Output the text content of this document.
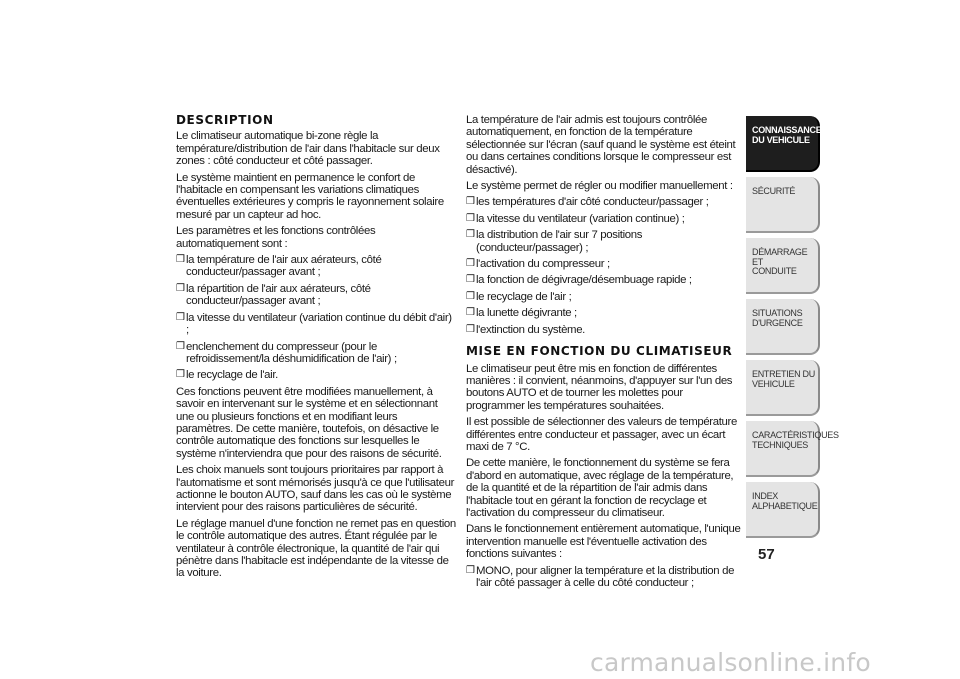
DESCRIPTION

Le climatiseur automatique bi-zone règle la température/distribution de l'air dans l'habitacle sur deux zones : côté conducteur et côté passager.

Le système maintient en permanence le confort de l'habitacle en compensant les variations climatiques éventuelles extérieures y compris le rayonnement solaire mesuré par un capteur ad hoc.

Les paramètres et les fonctions contrôlées automatiquement sont :

❒ la température de l'air aux aérateurs, côté conducteur/passager avant ;
❒ la répartition de l'air aux aérateurs, côté conducteur/passager avant ;
❒ la vitesse du ventilateur (variation continue du débit d'air) ;
❒ enclenchement du compresseur (pour le refroidissement/la déshumidification de l'air) ;
❒ le recyclage de l'air.

Ces fonctions peuvent être modifiées manuellement, à savoir en intervenant sur le système et en sélectionnant une ou plusieurs fonctions et en modifiant leurs paramètres. De cette manière, toutefois, on désactive le contrôle automatique des fonctions sur lesquelles le système n'interviendra que pour des raisons de sécurité.

Les choix manuels sont toujours prioritaires par rapport à l'automatisme et sont mémorisés jusqu'à ce que l'utilisateur actionne le bouton AUTO, sauf dans les cas où le système intervient pour des raisons particulières de sécurité.

Le réglage manuel d'une fonction ne remet pas en question le contrôle automatique des autres. Étant régulée par le ventilateur à contrôle électronique, la quantité de l'air qui pénètre dans l'habitacle est indépendante de la vitesse de la voiture.

La température de l'air admis est toujours contrôlée automatiquement, en fonction de la température sélectionnée sur l'écran (sauf quand le système est éteint ou dans certaines conditions lorsque le compresseur est désactivé).

Le système permet de régler ou modifier manuellement :

❒ les températures d'air côté conducteur/passager ;
❒ la vitesse du ventilateur (variation continue) ;
❒ la distribution de l'air sur 7 positions (conducteur/passager) ;
❒ l'activation du compresseur ;
❒ la fonction de dégivrage/désembuage rapide ;
❒ le recyclage de l'air ;
❒ la lunette dégivrante ;
❒ l'extinction du système.
MISE EN FONCTION DU CLIMATISEUR

Le climatiseur peut être mis en fonction de différentes manières : il convient, néanmoins, d'appuyer sur l'un des boutons AUTO et de tourner les molettes pour programmer les températures souhaitées.

Il est possible de sélectionner des valeurs de température différentes entre conducteur et passager, avec un écart maxi de 7 °C.

De cette manière, le fonctionnement du système se fera d'abord en automatique, avec réglage de la température, de la quantité et de la répartition de l'air admis dans l'habitacle tout en gérant la fonction de recyclage et l'activation du compresseur du climatiseur.

Dans le fonctionnement entièrement automatique, l'unique intervention manuelle est l'éventuelle activation des fonctions suivantes :

❒ MONO, pour aligner la température et la distribution de l'air côté passager à celle du côté conducteur ;
CONNAISSANCE
DU VEHICULE
SÉCURITÉ
DÉMARRAGE ET
CONDUITE
SITUATIONS
D'URGENCE
ENTRETIEN DU
VEHICULE
CARACTÉRISTIQUES
TECHNIQUES
INDEX
ALPHABETIQUE
57
carmanualsonline.info
